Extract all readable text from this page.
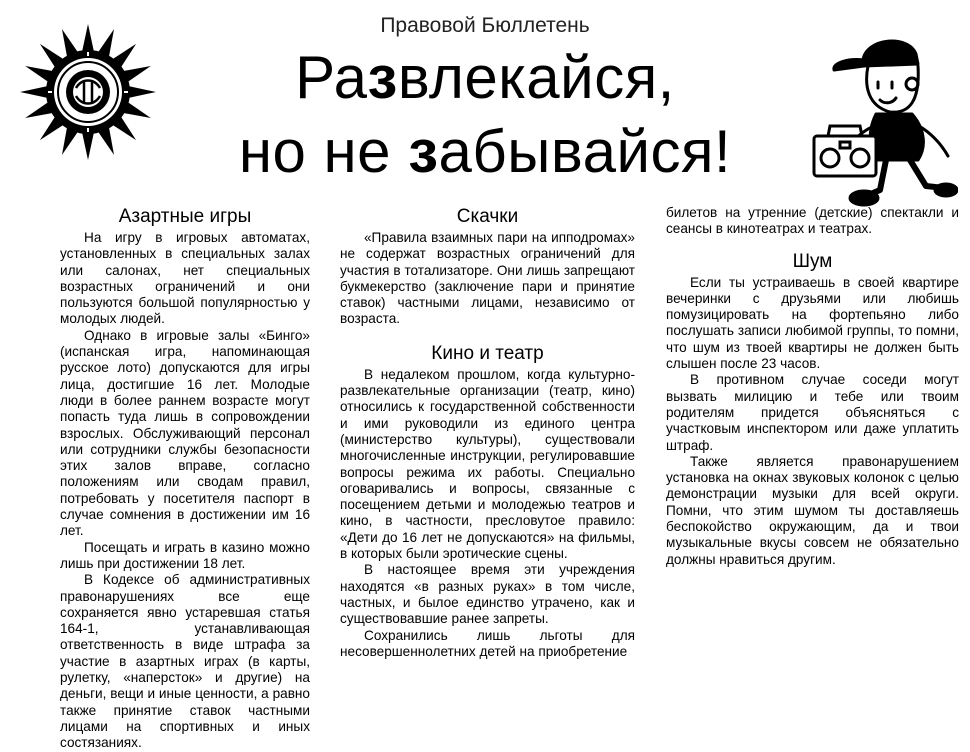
Правовой Бюллетень
Развлекайся,
но не забывайся!
Азартные игры

На игру в игровых автоматах, установленных в специальных залах или салонах, нет специальных возрастных ограничений и они пользуются большой популярностью у молодых людей.

Однако в игровые залы «Бинго» (испанская игра, напоминающая русское лото) допускаются для игры лица, достигшие 16 лет. Молодые люди в более раннем возрасте могут попасть туда лишь в сопровождении взрослых. Обслуживающий персонал или сотрудники службы безопасности этих залов вправе, согласно положениям или сводам правил, потребовать у посетителя паспорт в случае сомнения в достижении им 16 лет.

Посещать и играть в казино можно лишь при достижении 18 лет.

В Кодексе об административных правонарушениях все еще сохраняется явно устаревшая статья 164-1, устанавливающая ответственность в виде штрафа за участие в азартных играх (в карты, рулетку, «наперсток» и другие) на деньги, вещи и иные ценности, а равно также принятие ставок частными лицами на спортивных и иных состязаниях.

Скачки

«Правила взаимных пари на ипподромах» не содержат возрастных ограничений для участия в тотализаторе. Они лишь запрещают букмекерство (заключение пари и принятие ставок) частными лицами, независимо от возраста.

Кино и театр

В недалеком прошлом, когда культурно-развлекательные организации (театр, кино) относились к государственной собственности и ими руководили из единого центра (министерство культуры), существовали многочисленные инструкции, регулировавшие вопросы режима их работы. Специально оговаривались и вопросы, связанные с посещением детьми и молодежью театров и кино, в частности, пресловутое правило: «Дети до 16 лет не допускаются» на фильмы, в которых были эротические сцены.

В настоящее время эти учреждения находятся «в разных руках» в том числе, частных, и былое единство утрачено, как и существовавшие ранее запреты.

Сохранились лишь льготы для несовершеннолетних детей на приобретение

билетов на утренние (детские) спектакли и сеансы в кинотеатрах и театрах.

Шум

Если ты устраиваешь в своей квартире вечеринки с друзьями или любишь помузицировать на фортепьяно либо послушать записи любимой группы, то помни, что шум из твоей квартиры не должен быть слышен после 23 часов.

В противном случае соседи могут вызвать милицию и тебе или твоим родителям придется объясняться с участковым инспектором или даже уплатить штраф.

Также является правонарушением установка на окнах звуковых колонок с целью демонстрации музыки для всей округи. Помни, что этим шумом ты доставляешь беспокойство окружающим, да и твои музыкальные вкусы совсем не обязательно должны нравиться другим.
